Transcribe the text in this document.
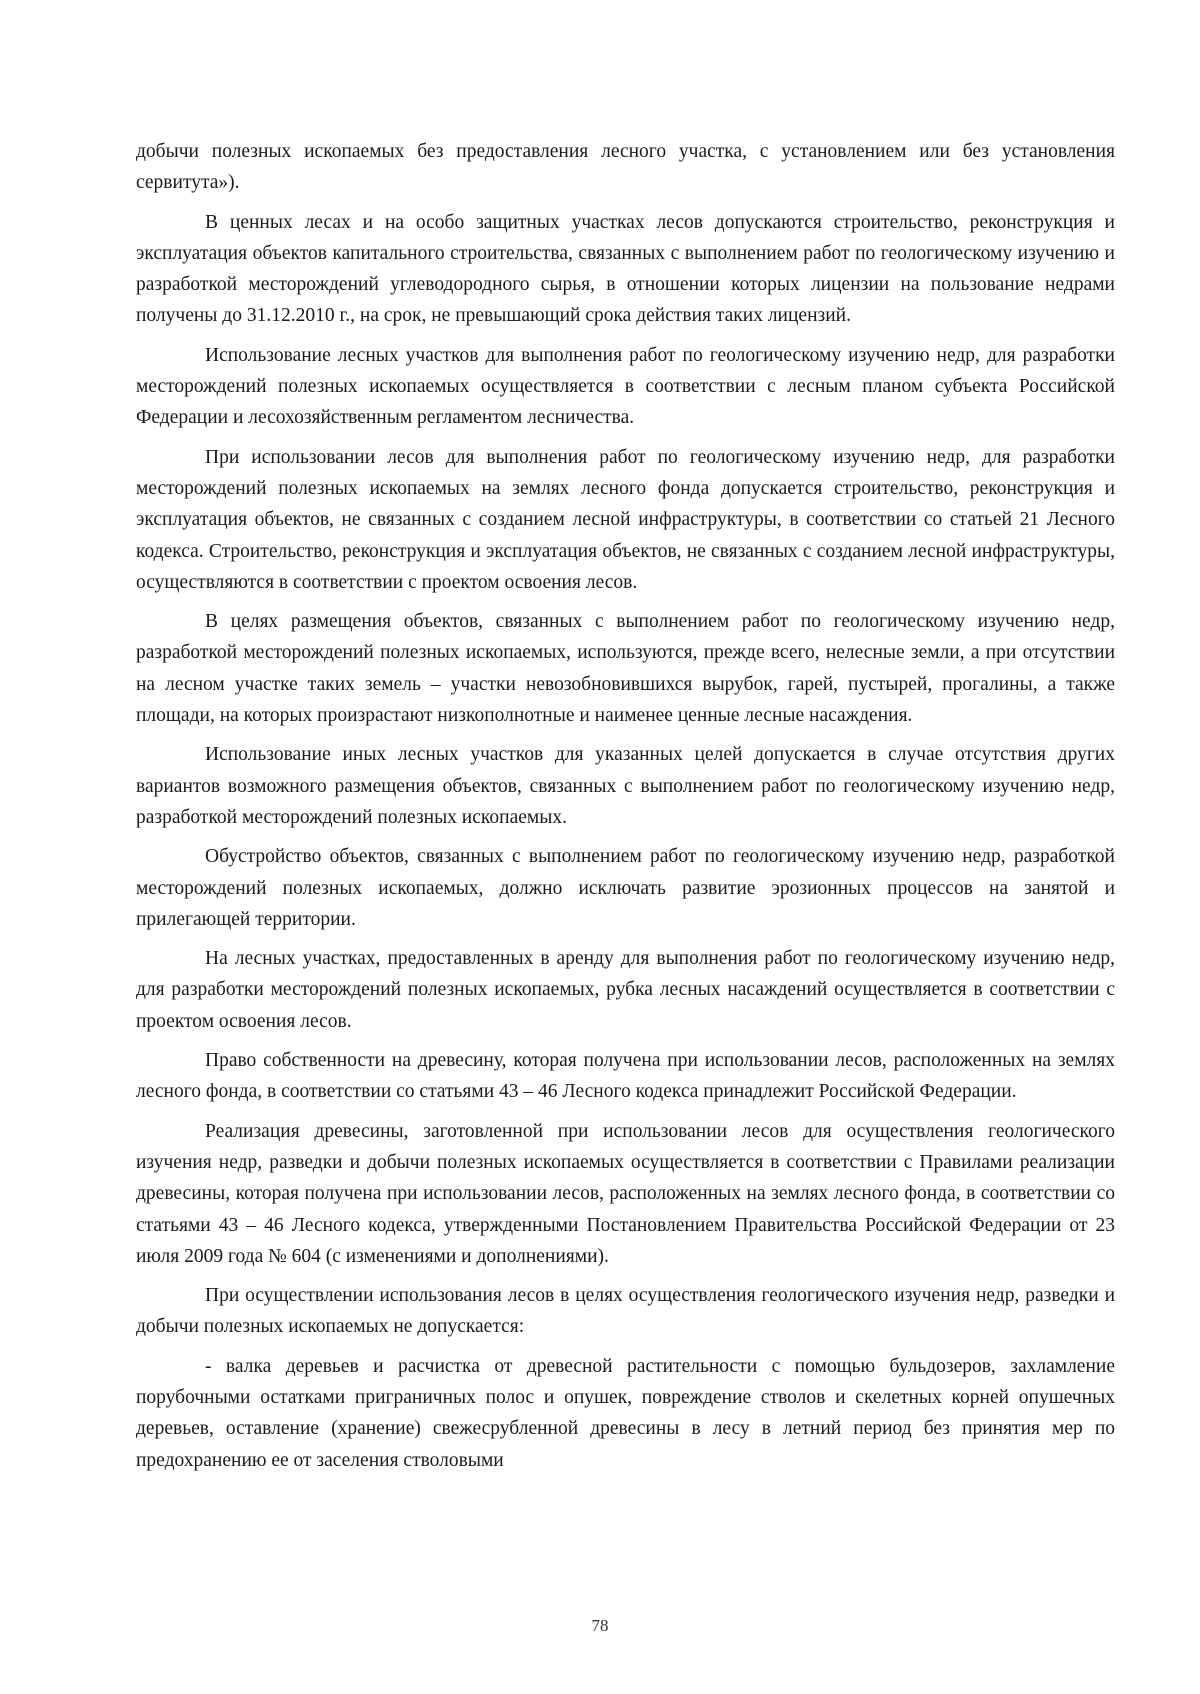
добычи полезных ископаемых без предоставления лесного участка, с установлением или без установления сервитута»).

В ценных лесах и на особо защитных участках лесов допускаются строительство, реконструкция и эксплуатация объектов капитального строительства, связанных с выполнением работ по геологическому изучению и разработкой месторождений углеводородного сырья, в отношении которых лицензии на пользование недрами получены до 31.12.2010 г., на срок, не превышающий срока действия таких лицензий.

Использование лесных участков для выполнения работ по геологическому изучению недр, для разработки месторождений полезных ископаемых осуществляется в соответствии с лесным планом субъекта Российской Федерации и лесохозяйственным регламентом лесничества.

При использовании лесов для выполнения работ по геологическому изучению недр, для разработки месторождений полезных ископаемых на землях лесного фонда допускается строительство, реконструкция и эксплуатация объектов, не связанных с созданием лесной инфраструктуры, в соответствии со статьей 21 Лесного кодекса. Строительство, реконструкция и эксплуатация объектов, не связанных с созданием лесной инфраструктуры, осуществляются в соответствии с проектом освоения лесов.

В целях размещения объектов, связанных с выполнением работ по геологическому изучению недр, разработкой месторождений полезных ископаемых, используются, прежде всего, нелесные земли, а при отсутствии на лесном участке таких земель – участки невозобновившихся вырубок, гарей, пустырей, прогалины, а также площади, на которых произрастают низкополнотные и наименее ценные лесные насаждения.

Использование иных лесных участков для указанных целей допускается в случае отсутствия других вариантов возможного размещения объектов, связанных с выполнением работ по геологическому изучению недр, разработкой месторождений полезных ископаемых.

Обустройство объектов, связанных с выполнением работ по геологическому изучению недр, разработкой месторождений полезных ископаемых, должно исключать развитие эрозионных процессов на занятой и прилегающей территории.

На лесных участках, предоставленных в аренду для выполнения работ по геологическому изучению недр, для разработки месторождений полезных ископаемых, рубка лесных насаждений осуществляется в соответствии с проектом освоения лесов.

Право собственности на древесину, которая получена при использовании лесов, расположенных на землях лесного фонда, в соответствии со статьями 43 – 46 Лесного кодекса принадлежит Российской Федерации.

Реализация древесины, заготовленной при использовании лесов для осуществления геологического изучения недр, разведки и добычи полезных ископаемых осуществляется в соответствии с Правилами реализации древесины, которая получена при использовании лесов, расположенных на землях лесного фонда, в соответствии со статьями 43 – 46 Лесного кодекса, утвержденными Постановлением Правительства Российской Федерации от 23 июля 2009 года № 604 (с изменениями и дополнениями).

При осуществлении использования лесов в целях осуществления геологического изучения недр, разведки и добычи полезных ископаемых не допускается:

- валка деревьев и расчистка от древесной растительности с помощью бульдозеров, захламление порубочными остатками приграничных полос и опушек, повреждение стволов и скелетных корней опушечных деревьев, оставление (хранение) свежесрубленной древесины в лесу в летний период без принятия мер по предохранению ее от заселения стволовыми

78
